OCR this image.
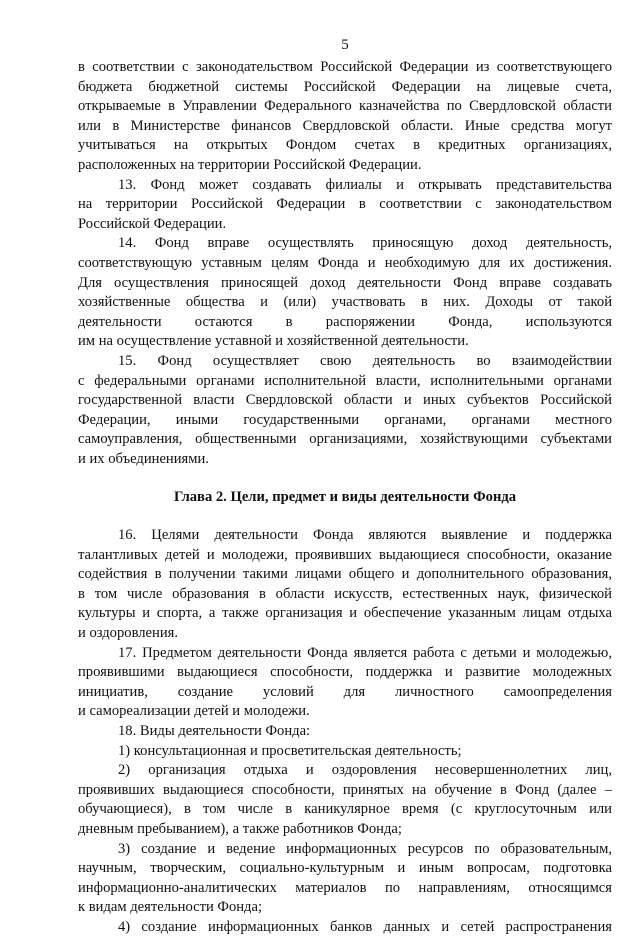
5
в соответствии с законодательством Российской Федерации из соответствующего
бюджета бюджетной системы Российской Федерации на лицевые счета,
открываемые в Управлении Федерального казначейства по Свердловской области
или в Министерстве финансов Свердловской области. Иные средства могут
учитываться на открытых Фондом счетах в кредитных организациях,
расположенных на территории Российской Федерации.
13. Фонд может создавать филиалы и открывать представительства
на территории Российской Федерации в соответствии с законодательством
Российской Федерации.
14. Фонд вправе осуществлять приносящую доход деятельность,
соответствующую уставным целям Фонда и необходимую для их достижения.
Для осуществления приносящей доход деятельности Фонд вправе создавать
хозяйственные общества и (или) участвовать в них. Доходы от такой
деятельности остаются в распоряжении Фонда, используются
им на осуществление уставной и хозяйственной деятельности.
15. Фонд осуществляет свою деятельность во взаимодействии
с федеральными органами исполнительной власти, исполнительными органами
государственной власти Свердловской области и иных субъектов Российской
Федерации, иными государственными органами, органами местного
самоуправления, общественными организациями, хозяйствующими субъектами
и их объединениями.
Глава 2. Цели, предмет и виды деятельности Фонда
16. Целями деятельности Фонда являются выявление и поддержка
талантливых детей и молодежи, проявивших выдающиеся способности, оказание
содействия в получении такими лицами общего и дополнительного образования,
в том числе образования в области искусств, естественных наук, физической
культуры и спорта, а также организация и обеспечение указанным лицам отдыха
и оздоровления.
17. Предметом деятельности Фонда является работа с детьми и молодежью,
проявившими выдающиеся способности, поддержка и развитие молодежных
инициатив, создание условий для личностного самоопределения
и самореализации детей и молодежи.
18. Виды деятельности Фонда:
1) консультационная и просветительская деятельность;
2) организация отдыха и оздоровления несовершеннолетних лиц,
проявивших выдающиеся способности, принятых на обучение в Фонд (далее –
обучающиеся), в том числе в каникулярное время (с круглосуточным или
дневным пребыванием), а также работников Фонда;
3) создание и ведение информационных ресурсов по образовательным,
научным, творческим, социально-культурным и иным вопросам, подготовка
информационно-аналитических материалов по направлениям, относящимся
к видам деятельности Фонда;
4) создание информационных банков данных и сетей распространения
